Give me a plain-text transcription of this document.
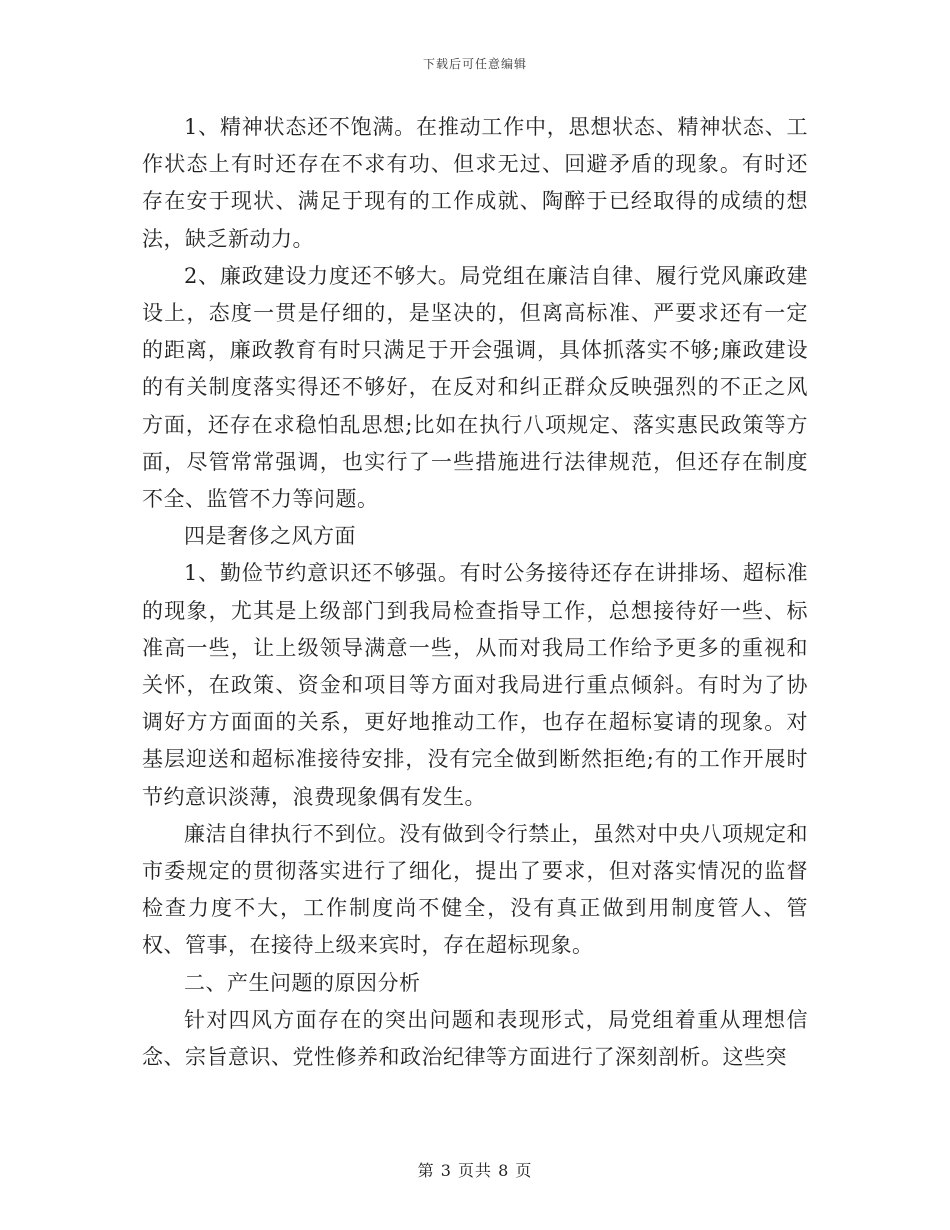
下载后可任意编辑

1、精神状态还不饱满。在推动工作中，思想状态、精神状态、工作状态上有时还存在不求有功、但求无过、回避矛盾的现象。有时还存在安于现状、满足于现有的工作成就、陶醉于已经取得的成绩的想法，缺乏新动力。

2、廉政建设力度还不够大。局党组在廉洁自律、履行党风廉政建设上，态度一贯是仔细的，是坚决的，但离高标准、严要求还有一定的距离，廉政教育有时只满足于开会强调，具体抓落实不够;廉政建设的有关制度落实得还不够好，在反对和纠正群众反映强烈的不正之风方面，还存在求稳怕乱思想;比如在执行八项规定、落实惠民政策等方面，尽管常常强调，也实行了一些措施进行法律规范，但还存在制度不全、监管不力等问题。

四是奢侈之风方面

1、勤俭节约意识还不够强。有时公务接待还存在讲排场、超标准的现象，尤其是上级部门到我局检查指导工作，总想接待好一些、标准高一些，让上级领导满意一些，从而对我局工作给予更多的重视和关怀，在政策、资金和项目等方面对我局进行重点倾斜。有时为了协调好方方面面的关系，更好地推动工作，也存在超标宴请的现象。对基层迎送和超标准接待安排，没有完全做到断然拒绝;有的工作开展时节约意识淡薄，浪费现象偶有发生。

廉洁自律执行不到位。没有做到令行禁止，虽然对中央八项规定和市委规定的贯彻落实进行了细化，提出了要求，但对落实情况的监督检查力度不大，工作制度尚不健全，没有真正做到用制度管人、管权、管事，在接待上级来宾时，存在超标现象。

二、产生问题的原因分析

针对四风方面存在的突出问题和表现形式，局党组着重从理想信念、宗旨意识、党性修养和政治纪律等方面进行了深刻剖析。这些突

第 3 页共 8 页
